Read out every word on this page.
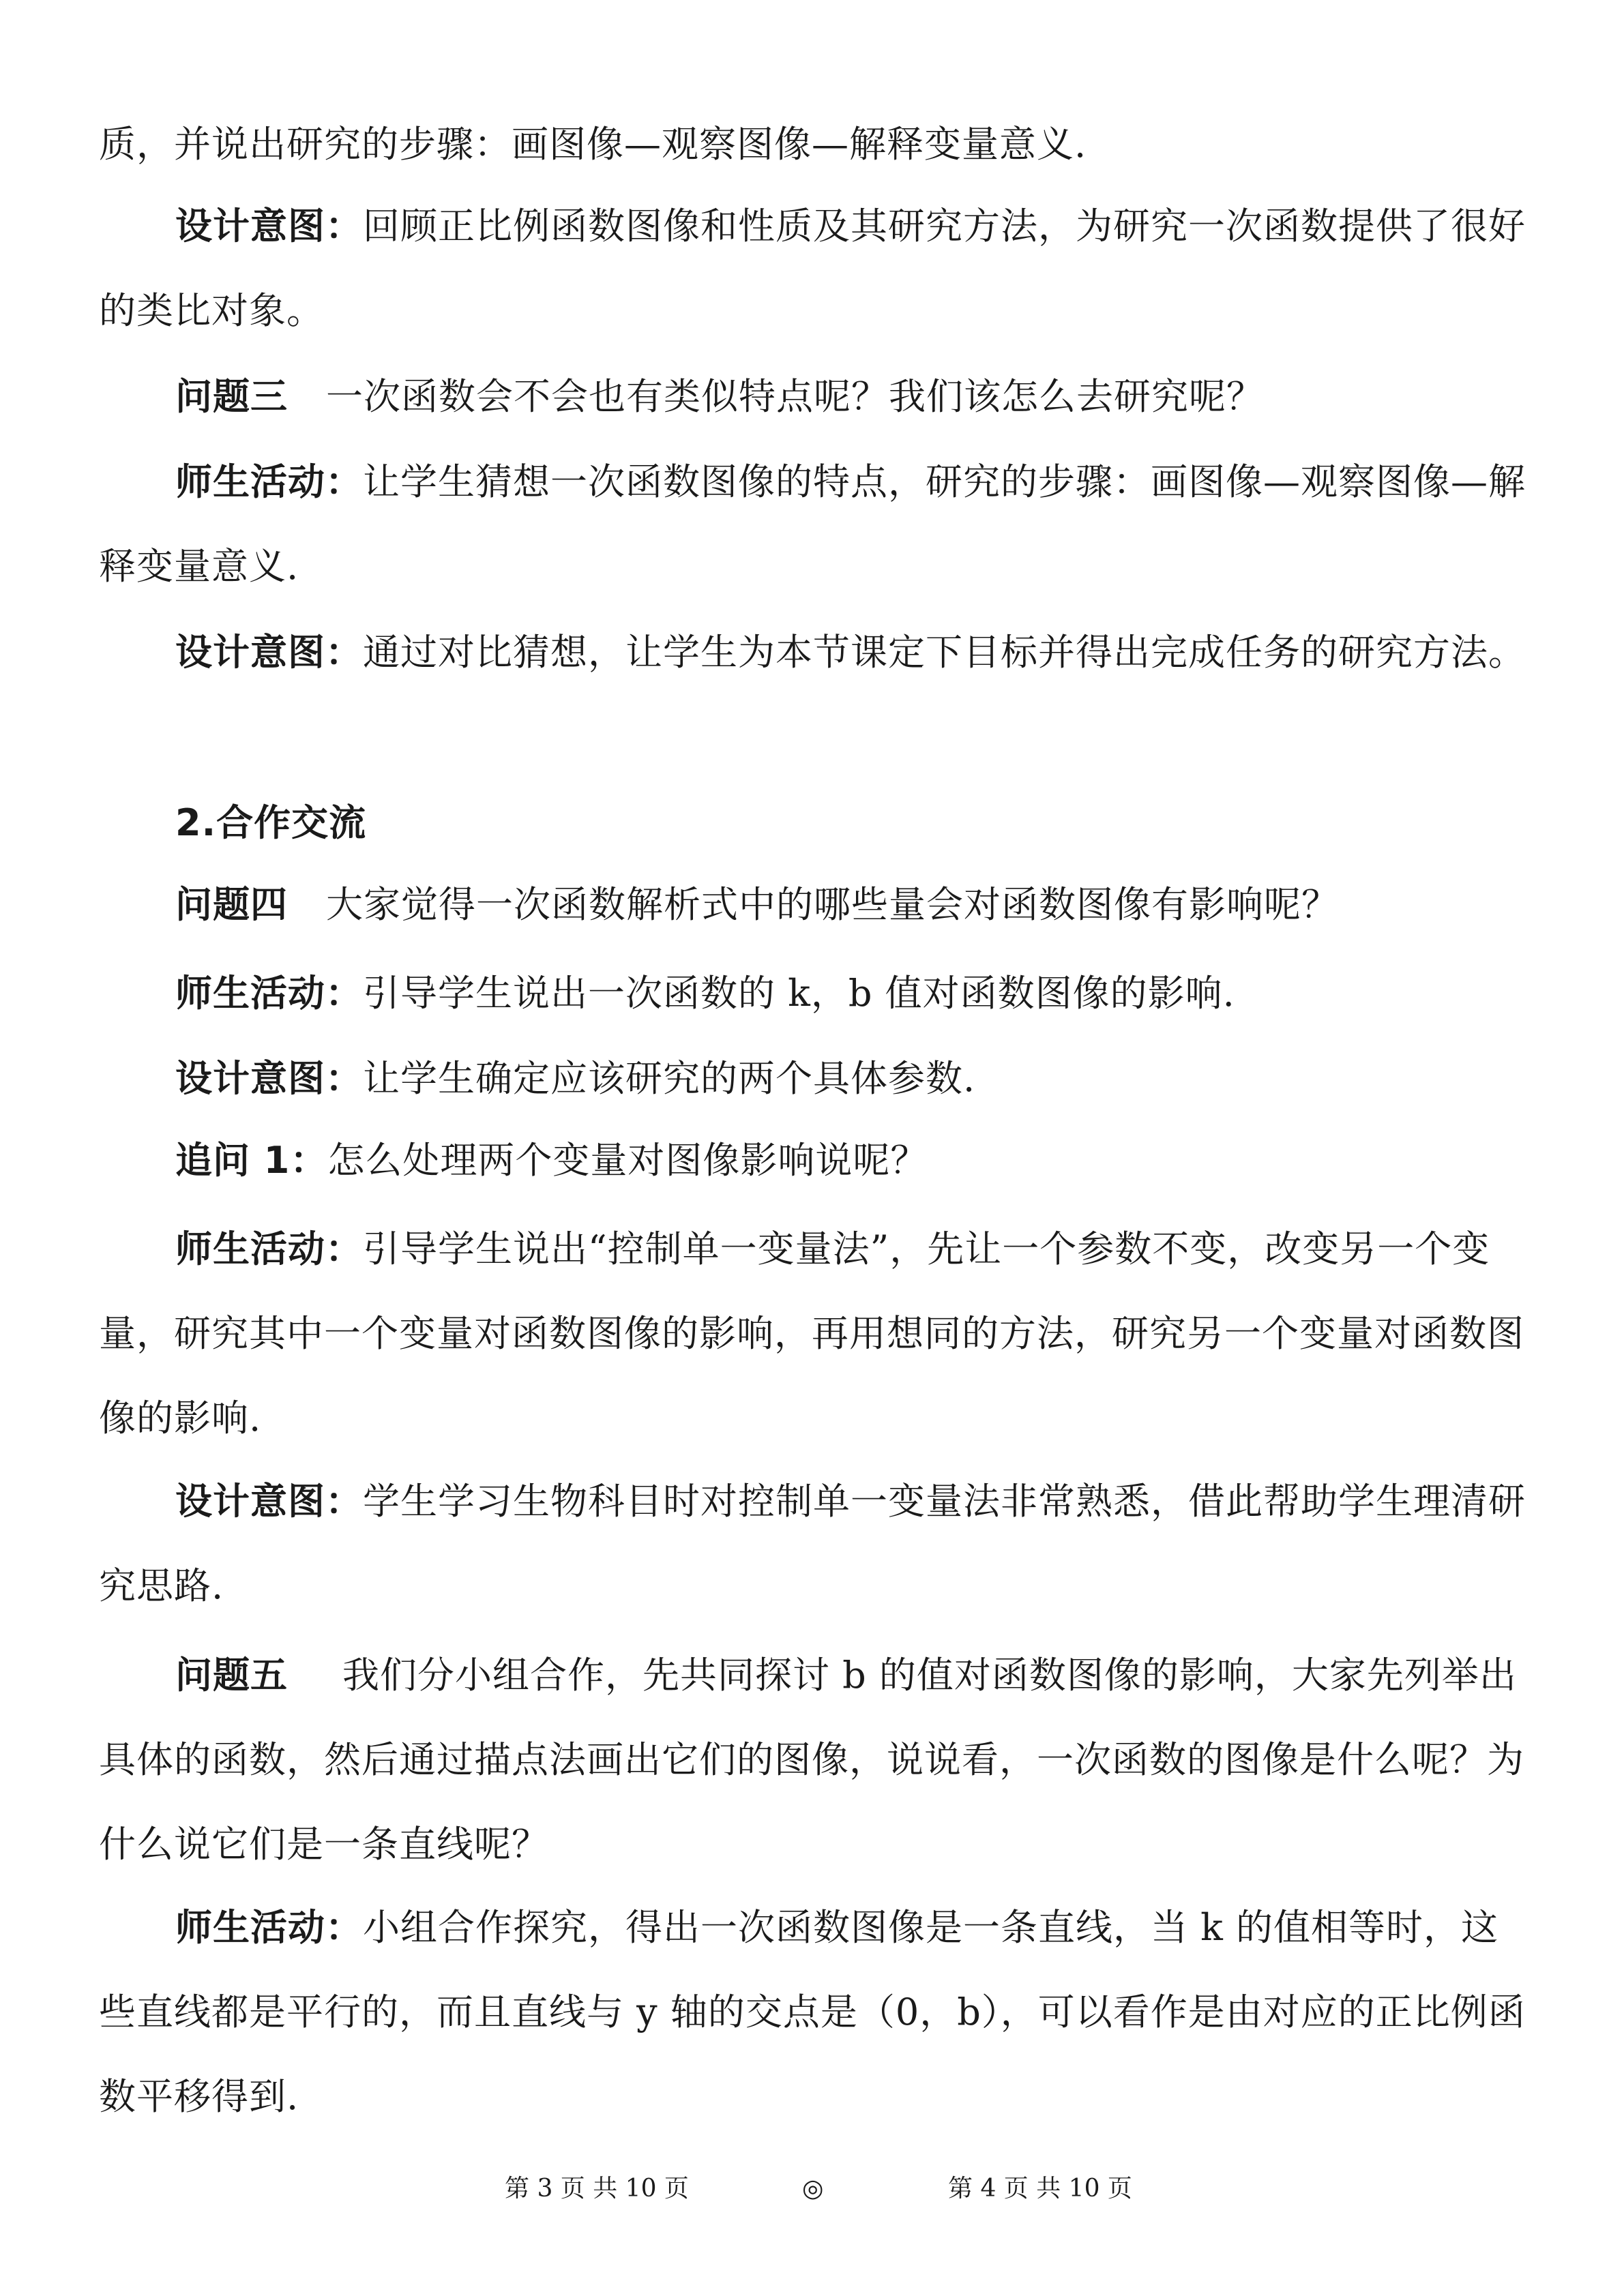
质，并说出研究的步骤：画图像—观察图像—解释变量意义.

设计意图：回顾正比例函数图像和性质及其研究方法，为研究一次函数提供了很好的类比对象。

问题三 一次函数会不会也有类似特点呢？我们该怎么去研究呢？

师生活动：让学生猜想一次函数图像的特点，研究的步骤：画图像—观察图像—解释变量意义.

设计意图：通过对比猜想，让学生为本节课定下目标并得出完成任务的研究方法。

2.合作交流

问题四 大家觉得一次函数解析式中的哪些量会对函数图像有影响呢？

师生活动：引导学生说出一次函数的 k，b 值对函数图像的影响.

设计意图：让学生确定应该研究的两个具体参数.

追问 1：怎么处理两个变量对图像影响说呢？

师生活动：引导学生说出“控制单一变量法”，先让一个参数不变，改变另一个变量，研究其中一个变量对函数图像的影响，再用想同的方法，研究另一个变量对函数图像的影响.

设计意图：学生学习生物科目时对控制单一变量法非常熟悉，借此帮助学生理清研究思路.

问题五 我们分小组合作，先共同探讨 b 的值对函数图像的影响，大家先列举出具体的函数，然后通过描点法画出它们的图像，说说看，一次函数的图像是什么呢？为什么说它们是一条直线呢？

师生活动：小组合作探究，得出一次函数图像是一条直线，当 k 的值相等时，这些直线都是平行的，而且直线与 y 轴的交点是（0，b），可以看作是由对应的正比例函数平移得到.

第 3 页 共 10 页	◎	第 4 页 共 10 页
